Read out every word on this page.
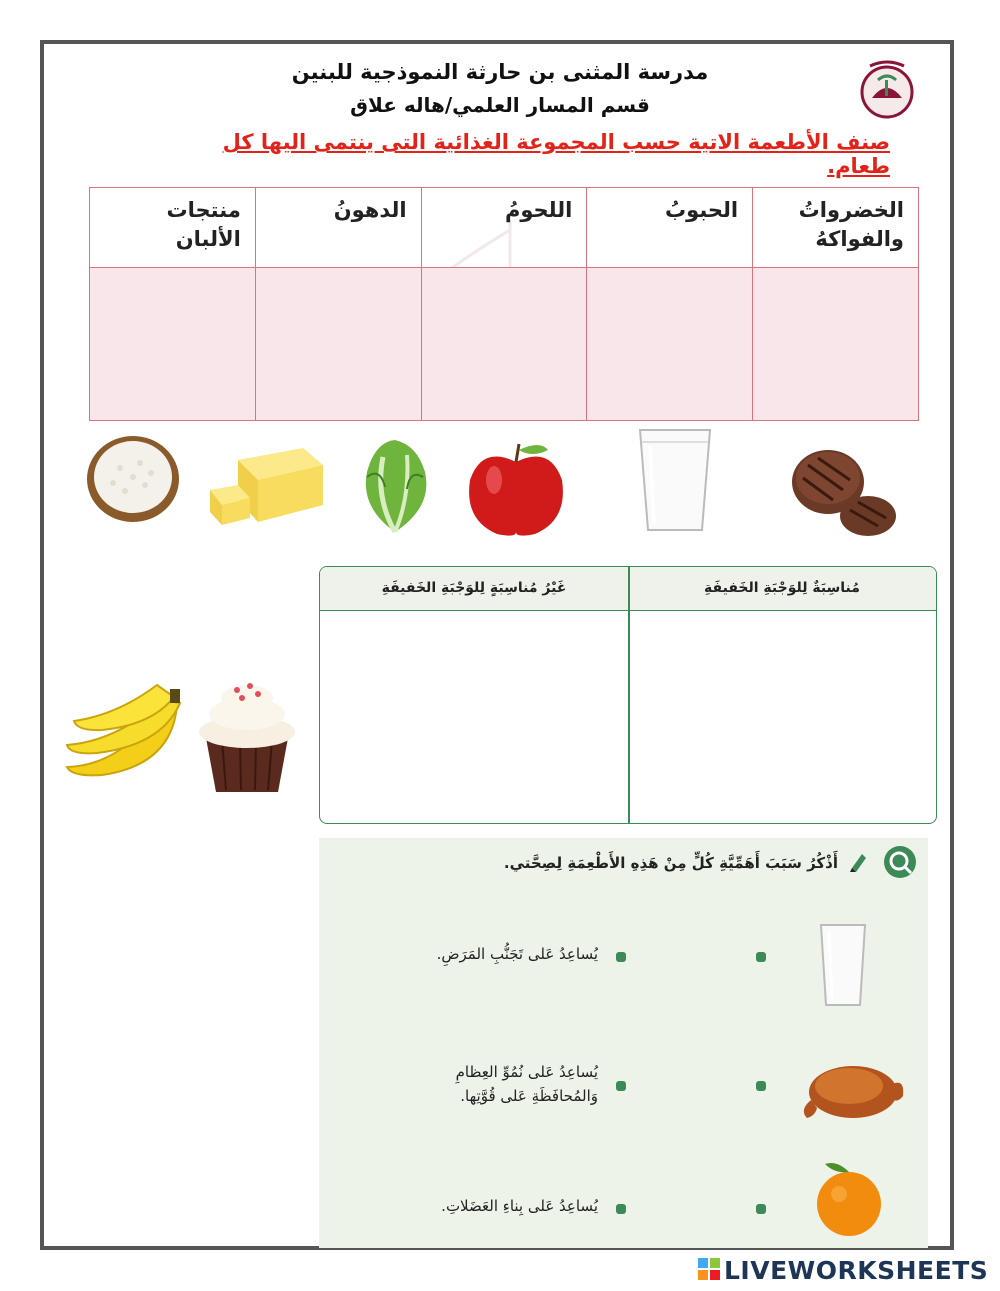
مدرسة المثنى بن حارثة النموذجية للبنين
قسم المسار العلمي/هاله علاق
صنف الأطعمة الاتية حسب المجموعة الغذائية التى ينتمى اليها كل طعام.
الخضرواتُ والفواكهُ	الحبوبُ	اللحومُ	الدهونُ	منتجات الألبان

مُناسِبَةٌ لِلوَجْبَةِ الخَفيفَةِ
غَيْرُ مُناسِبَةٍ لِلوَجْبَةِ الخَفيفَةِ
أَذْكُرُ سَبَبَ أَهَمِّيَّةِ كُلٍّ مِنْ هَذِهِ الأَطْعِمَةِ لِصِحَّتي.
يُساعِدُ عَلى تَجَنُّبِ المَرَضِ.
يُساعِدُ عَلى نُمُوِّ العِظامِ وَالمُحافَظَةِ عَلى قُوَّتِها.
يُساعِدُ عَلى بِناءِ العَضَلاتِ.
LIVEWORKSHEETS
